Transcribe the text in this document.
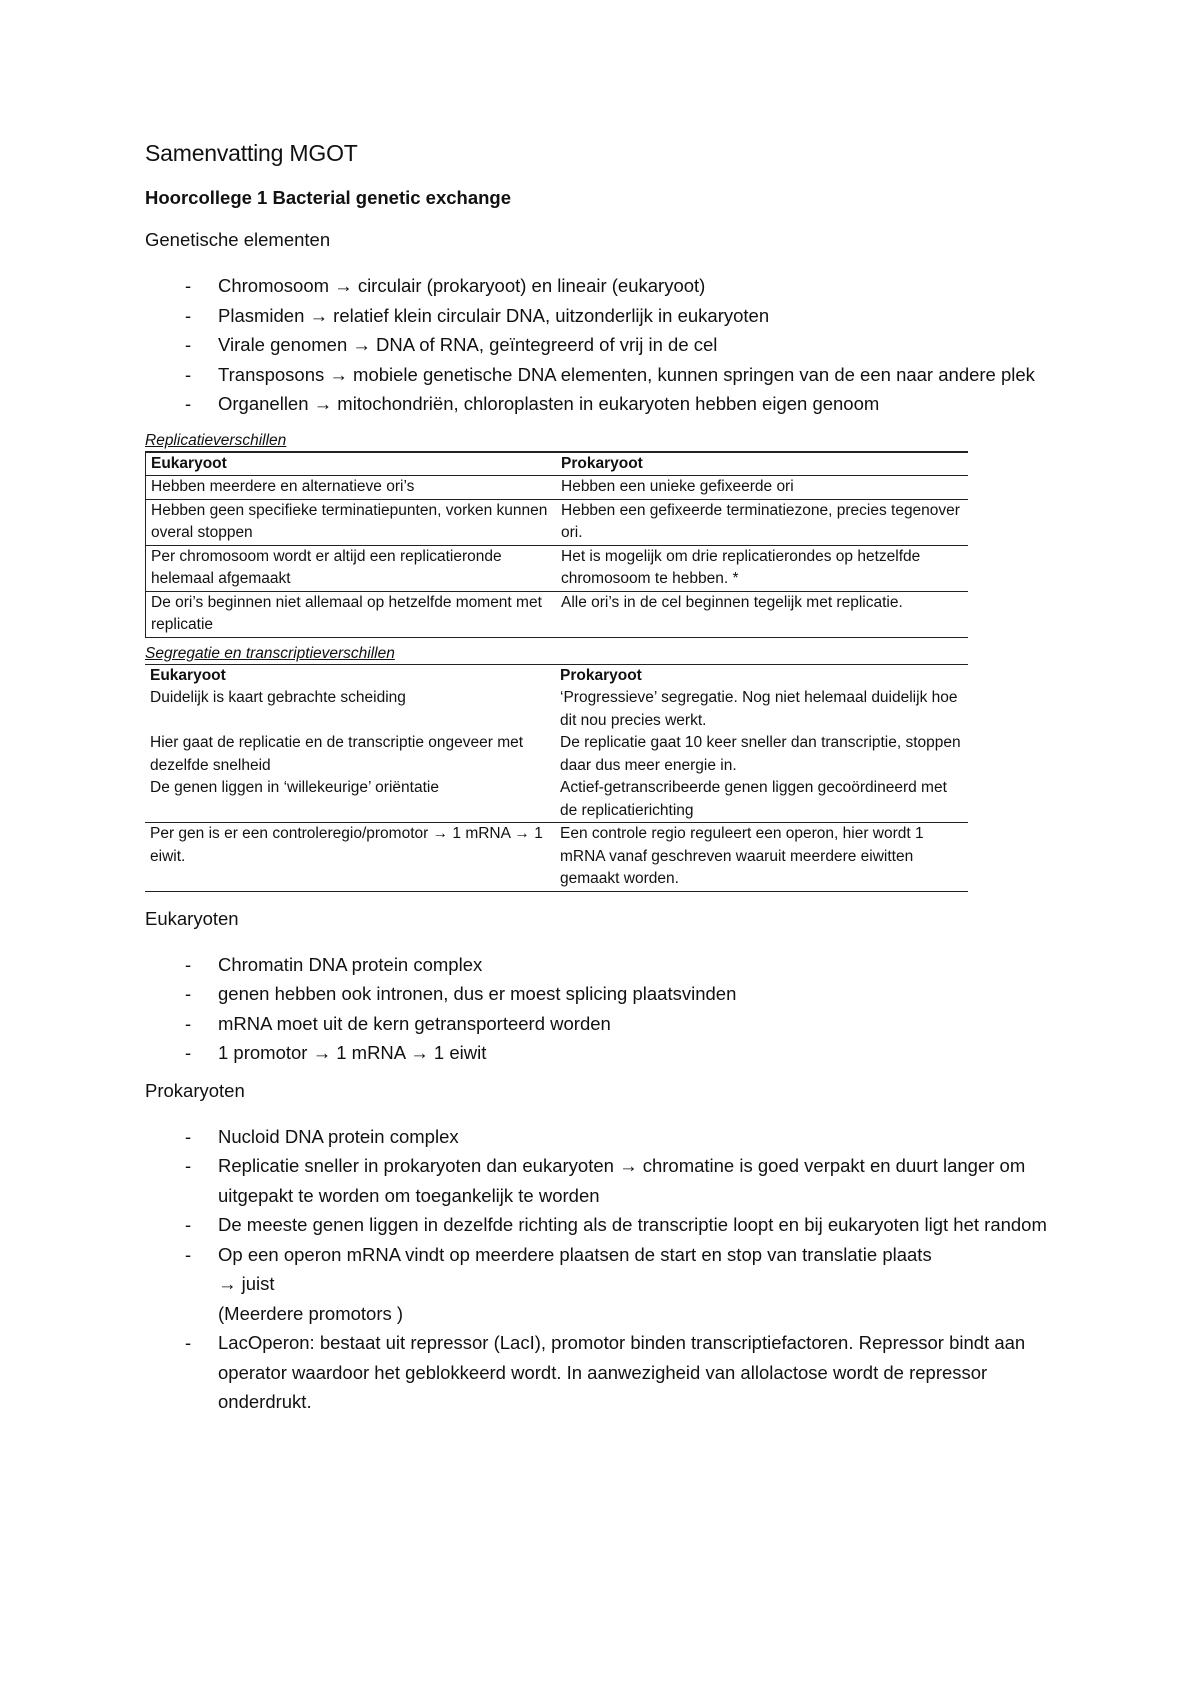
Samenvatting MGOT
Hoorcollege 1 Bacterial genetic exchange
Genetische elementen
- Chromosoom → circulair (prokaryoot) en lineair (eukaryoot)
- Plasmiden → relatief klein circulair DNA, uitzonderlijk in eukaryoten
- Virale genomen → DNA of RNA, geïntegreerd of vrij in de cel
- Transposons → mobiele genetische DNA elementen, kunnen springen van de een naar andere plek
- Organellen → mitochondriën, chloroplasten in eukaryoten hebben eigen genoom
Replicatieverschillen
Eukaryoot	Prokaryoot
Hebben meerdere en alternatieve ori’s	Hebben een unieke gefixeerde ori
Hebben geen specifieke terminatiepunten, vorken kunnen overal stoppen	Hebben een gefixeerde terminatiezone, precies tegenover ori.
Per chromosoom wordt er altijd een replicatieronde helemaal afgemaakt	Het is mogelijk om drie replicatierondes op hetzelfde chromosoom te hebben. *
De ori’s beginnen niet allemaal op hetzelfde moment met replicatie	Alle ori’s in de cel beginnen tegelijk met replicatie.
Segregatie en transcriptieverschillen
Eukaryoot	Prokaryoot
Duidelijk is kaart gebrachte scheiding	‘Progressieve’ segregatie. Nog niet helemaal duidelijk hoe dit nou precies werkt.
Hier gaat de replicatie en de transcriptie ongeveer met dezelfde snelheid	De replicatie gaat 10 keer sneller dan transcriptie, stoppen daar dus meer energie in.
De genen liggen in ‘willekeurige’ oriëntatie	Actief-getranscribeerde genen liggen gecoördineerd met de replicatierichting
Per gen is er een controleregio/promotor → 1 mRNA → 1 eiwit.	Een controle regio reguleert een operon, hier wordt 1 mRNA vanaf geschreven waaruit meerdere eiwitten gemaakt worden.
Eukaryoten
- Chromatin DNA protein complex
- genen hebben ook intronen, dus er moest splicing plaatsvinden
- mRNA moet uit de kern getransporteerd worden
- 1 promotor → 1 mRNA → 1 eiwit
Prokaryoten
- Nucloid DNA protein complex
- Replicatie sneller in prokaryoten dan eukaryoten → chromatine is goed verpakt en duurt langer om uitgepakt te worden om toegankelijk te worden
- De meeste genen liggen in dezelfde richting als de transcriptie loopt en bij eukaryoten ligt het random
- Op een operon mRNA vindt op meerdere plaatsen de start en stop van translatie plaats
→ juist
(Meerdere promotors )
- LacOperon: bestaat uit repressor (LacI), promotor binden transcriptiefactoren. Repressor bindt aan operator waardoor het geblokkeerd wordt. In aanwezigheid van allolactose wordt de repressor onderdrukt.
